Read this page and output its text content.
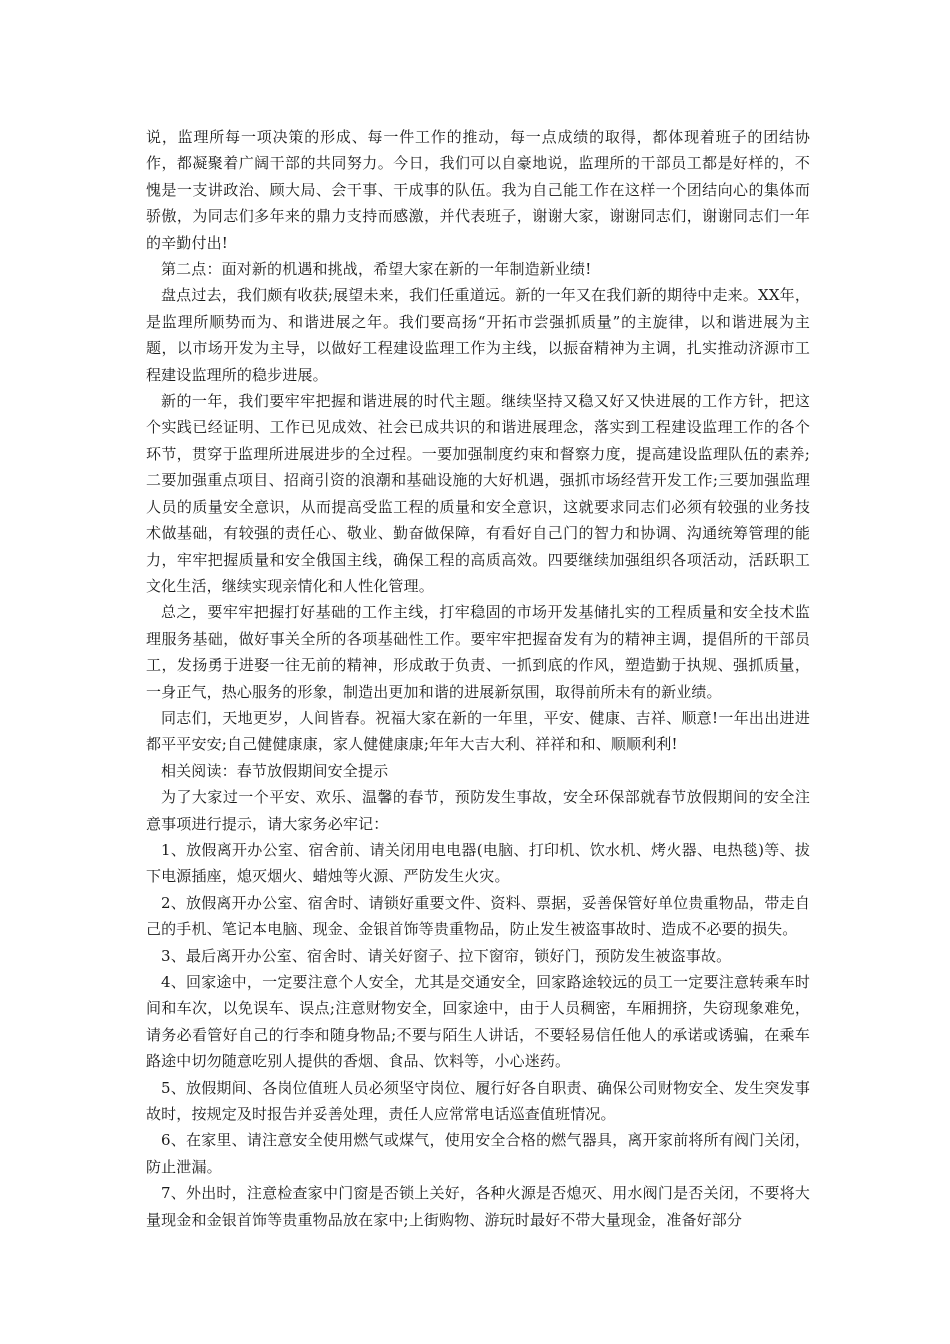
说，监理所每一项决策的形成、每一件工作的推动，每一点成绩的取得，都体现着班子的团结协作，都凝聚着广阔干部的共同努力。今日，我们可以自豪地说，监理所的干部员工都是好样的，不愧是一支讲政治、顾大局、会干事、干成事的队伍。我为自己能工作在这样一个团结向心的集体而骄傲，为同志们多年来的鼎力支持而感激，并代表班子，谢谢大家，谢谢同志们，谢谢同志们一年的辛勤付出!

第二点：面对新的机遇和挑战，希望大家在新的一年制造新业绩!

盘点过去，我们颇有收获;展望未来，我们任重道远。新的一年又在我们新的期待中走来。XX年，是监理所顺势而为、和谐进展之年。我们要高扬“开拓市尝强抓质量”的主旋律，以和谐进展为主题，以市场开发为主导，以做好工程建设监理工作为主线，以振奋精神为主调，扎实推动济源市工程建设监理所的稳步进展。

新的一年，我们要牢牢把握和谐进展的时代主题。继续坚持又稳又好又快进展的工作方针，把这个实践已经证明、工作已见成效、社会已成共识的和谐进展理念，落实到工程建设监理工作的各个环节，贯穿于监理所进展进步的全过程。一要加强制度约束和督察力度，提高建设监理队伍的素养;二要加强重点项目、招商引资的浪潮和基础设施的大好机遇，强抓市场经营开发工作;三要加强监理人员的质量安全意识，从而提高受监工程的质量和安全意识，这就要求同志们必须有较强的业务技术做基础，有较强的责任心、敬业、勤奋做保障，有看好自己门的智力和协调、沟通统筹管理的能力，牢牢把握质量和安全俄国主线，确保工程的高质高效。四要继续加强组织各项活动，活跃职工文化生活，继续实现亲情化和人性化管理。

总之，要牢牢把握打好基础的工作主线，打牢稳固的市场开发基储扎实的工程质量和安全技术监理服务基础，做好事关全所的各项基础性工作。要牢牢把握奋发有为的精神主调，提倡所的干部员工，发扬勇于进娶一往无前的精神，形成敢于负责、一抓到底的作风，塑造勤于执规、强抓质量，一身正气，热心服务的形象，制造出更加和谐的进展新氛围，取得前所未有的新业绩。

同志们，天地更岁，人间皆春。祝福大家在新的一年里，平安、健康、吉祥、顺意!一年出出进进都平平安安;自己健健康康，家人健健康康;年年大吉大利、祥祥和和、顺顺利利!

相关阅读：春节放假期间安全提示

为了大家过一个平安、欢乐、温馨的春节，预防发生事故，安全环保部就春节放假期间的安全注意事项进行提示，请大家务必牢记：

1、放假离开办公室、宿舍前、请关闭用电电器(电脑、打印机、饮水机、烤火器、电热毯)等、拔下电源插座，熄灭烟火、蜡烛等火源、严防发生火灾。

2、放假离开办公室、宿舍时、请锁好重要文件、资料、票据，妥善保管好单位贵重物品，带走自己的手机、笔记本电脑、现金、金银首饰等贵重物品，防止发生被盗事故时、造成不必要的损失。

3、最后离开办公室、宿舍时、请关好窗子、拉下窗帘，锁好门，预防发生被盗事故。

4、回家途中，一定要注意个人安全，尤其是交通安全，回家路途较远的员工一定要注意转乘车时间和车次，以免误车、误点;注意财物安全，回家途中，由于人员稠密，车厢拥挤，失窃现象难免，请务必看管好自己的行李和随身物品;不要与陌生人讲话，不要轻易信任他人的承诺或诱骗，在乘车路途中切勿随意吃别人提供的香烟、食品、饮料等，小心迷药。

5、放假期间、各岗位值班人员必须坚守岗位、履行好各自职责、确保公司财物安全、发生突发事故时，按规定及时报告并妥善处理，责任人应常常电话巡查值班情况。

6、在家里、请注意安全使用燃气或煤气，使用安全合格的燃气器具，离开家前将所有阀门关闭，防止泄漏。

7、外出时，注意检查家中门窗是否锁上关好，各种火源是否熄灭、用水阀门是否关闭，不要将大量现金和金银首饰等贵重物品放在家中;上街购物、游玩时最好不带大量现金，准备好部分
